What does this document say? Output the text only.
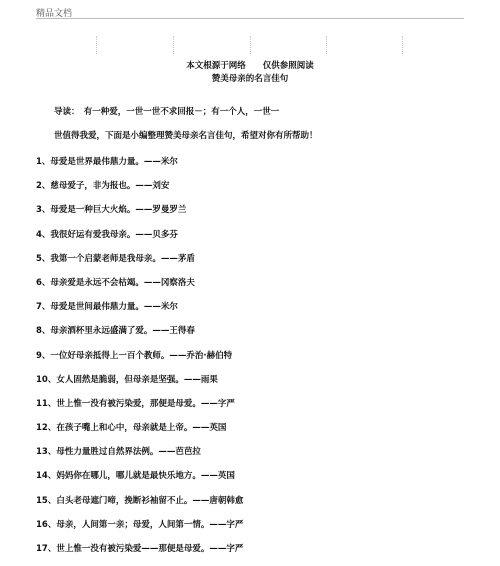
精品文档
本文根源于网络　　仅供参照阅读
赞美母亲的名言佳句
导读：　有一种爱，一世一世不求回报－；有一个人，一世一
世值得我爱，下面是小编整理赞美母亲名言佳句，希望对你有所帮助！
1、母爱是世界最伟鼎力量。——米尔
2、慈母爱子，非为报也。——刘安
3、母爱是一种巨大火焰。——罗曼罗兰
4、我很好运有爱我母亲。——贝多芬
5、我第一个启蒙老师是我母亲。——茅盾
6、母亲爱是永远不会枯竭。——冈察洛夫
7、母爱是世间最伟鼎力量。——米尔
8、母亲酒杯里永远盛满了爱。——王得春
9、一位好母亲抵得上一百个教师。——乔治·赫伯特
10、女人固然是脆弱，但母亲是坚强。——雨果
11、世上惟一没有被污染爱，那便是母爱。——字严
12、在孩子嘴上和心中，母亲就是上帝。——英国
13、母性力量胜过自然界法例。——芭芭拉
14、妈妈你在哪儿，哪儿就是最快乐地方。——英国
15、白头老母遮门啼，挽断衫袖留不止。——唐朝韩愈
16、母亲，人间第一亲；母爱，人间第一情。——字严
17、世上惟一没有被污染爱——那便是母爱。——字严
